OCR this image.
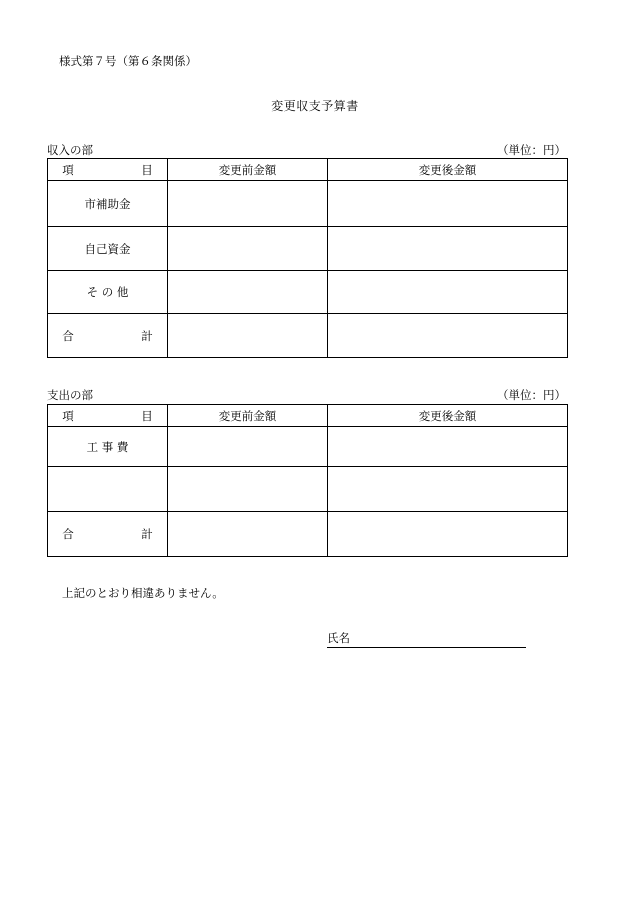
様式第７号（第６条関係）
変更収支予算書
収入の部	（単位：円）
項　目	変更前金額	変更後金額
市補助金		
自己資金		
そ の 他		
合　計		
支出の部	（単位：円）
項　目	変更前金額	変更後金額
工 事 費		

合　計		
上記のとおり相違ありません。
氏名
